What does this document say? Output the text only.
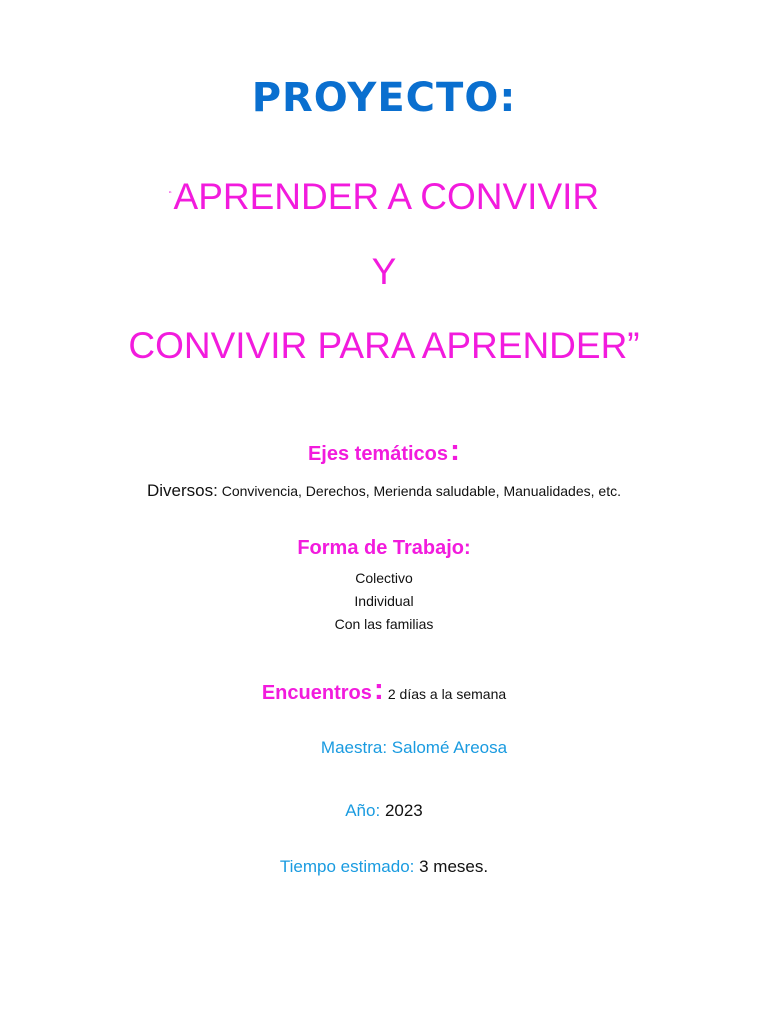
PROYECTO:
“APRENDER A CONVIVIR
Y
CONVIVIR PARA APRENDER”
Ejes temáticos:
Diversos: Convivencia, Derechos, Merienda saludable, Manualidades, etc.
Forma de Trabajo:
Colectivo
Individual
Con las familias
Encuentros: 2 días a la semana
Maestra: Salomé Areosa
Año: 2023
Tiempo estimado: 3 meses.
